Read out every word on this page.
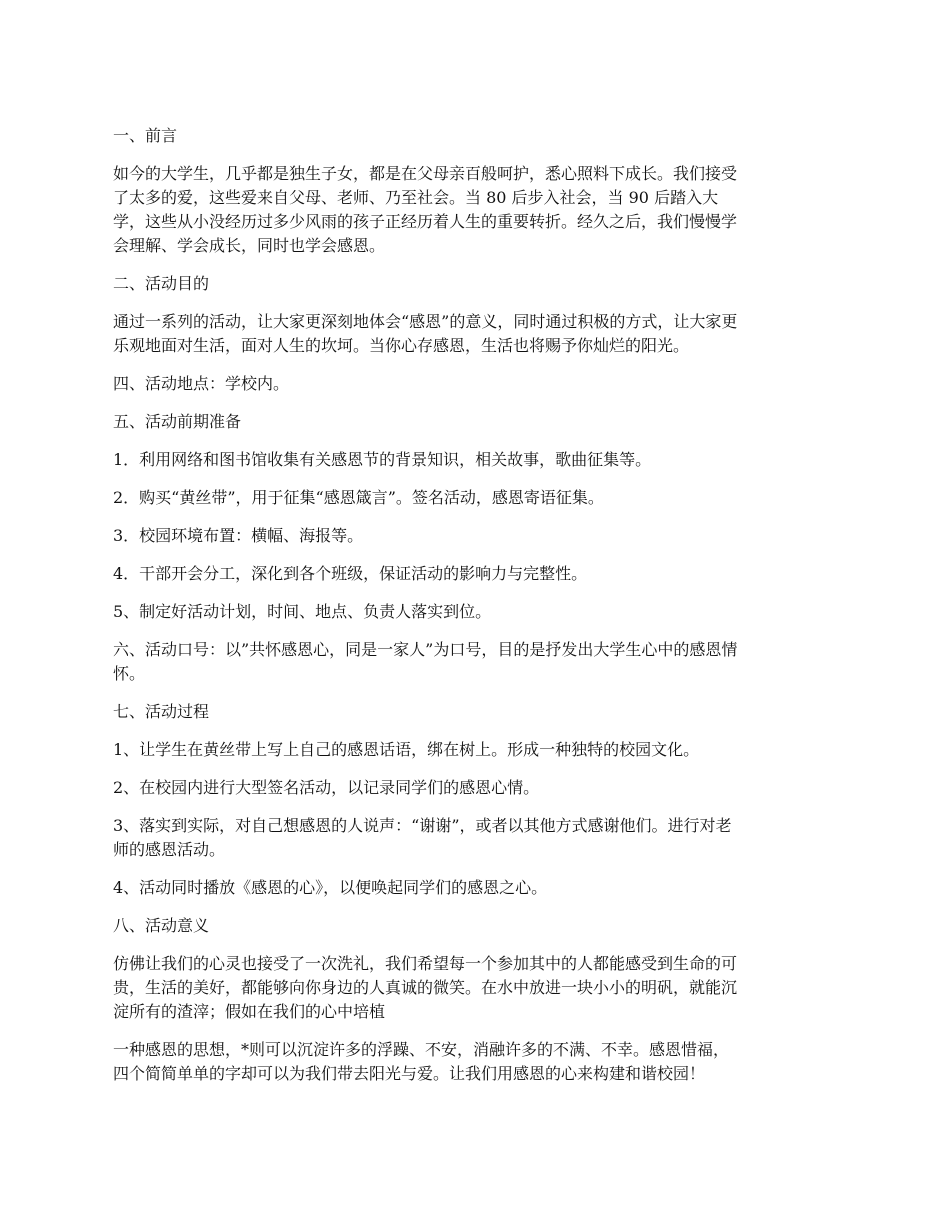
一、前言

如今的大学生，几乎都是独生子女，都是在父母亲百般呵护，悉心照料下成长。我们接受
了太多的爱，这些爱来自父母、老师、乃至社会。当 80 后步入社会，当 90 后踏入大
学，这些从小没经历过多少风雨的孩子正经历着人生的重要转折。经久之后，我们慢慢学
会理解、学会成长，同时也学会感恩。

二、活动目的

通过一系列的活动，让大家更深刻地体会“感恩”的意义，同时通过积极的方式，让大家更
乐观地面对生活，面对人生的坎坷。当你心存感恩，生活也将赐予你灿烂的阳光。

四、活动地点：学校内。

五、活动前期准备

1．利用网络和图书馆收集有关感恩节的背景知识，相关故事，歌曲征集等。

2．购买“黄丝带”，用于征集“感恩箴言”。签名活动，感恩寄语征集。

3．校园环境布置：横幅、海报等。

4．干部开会分工，深化到各个班级，保证活动的影响力与完整性。

5、制定好活动计划，时间、地点、负责人落实到位。

六、活动口号：以”共怀感恩心，同是一家人”为口号，目的是抒发出大学生心中的感恩情
怀。

七、活动过程

1、让学生在黄丝带上写上自己的感恩话语，绑在树上。形成一种独特的校园文化。

2、在校园内进行大型签名活动，以记录同学们的感恩心情。

3、落实到实际，对自己想感恩的人说声：“谢谢”，或者以其他方式感谢他们。进行对老
师的感恩活动。

4、活动同时播放《感恩的心》，以便唤起同学们的感恩之心。

八、活动意义

仿佛让我们的心灵也接受了一次洗礼，我们希望每一个参加其中的人都能感受到生命的可
贵，生活的美好，都能够向你身边的人真诚的微笑。在水中放进一块小小的明矾，就能沉
淀所有的渣滓；假如在我们的心中培植

一种感恩的思想，*则可以沉淀许多的浮躁、不安，消融许多的不满、不幸。感恩惜福，
四个简简单单的字却可以为我们带去阳光与爱。让我们用感恩的心来构建和谐校园！
